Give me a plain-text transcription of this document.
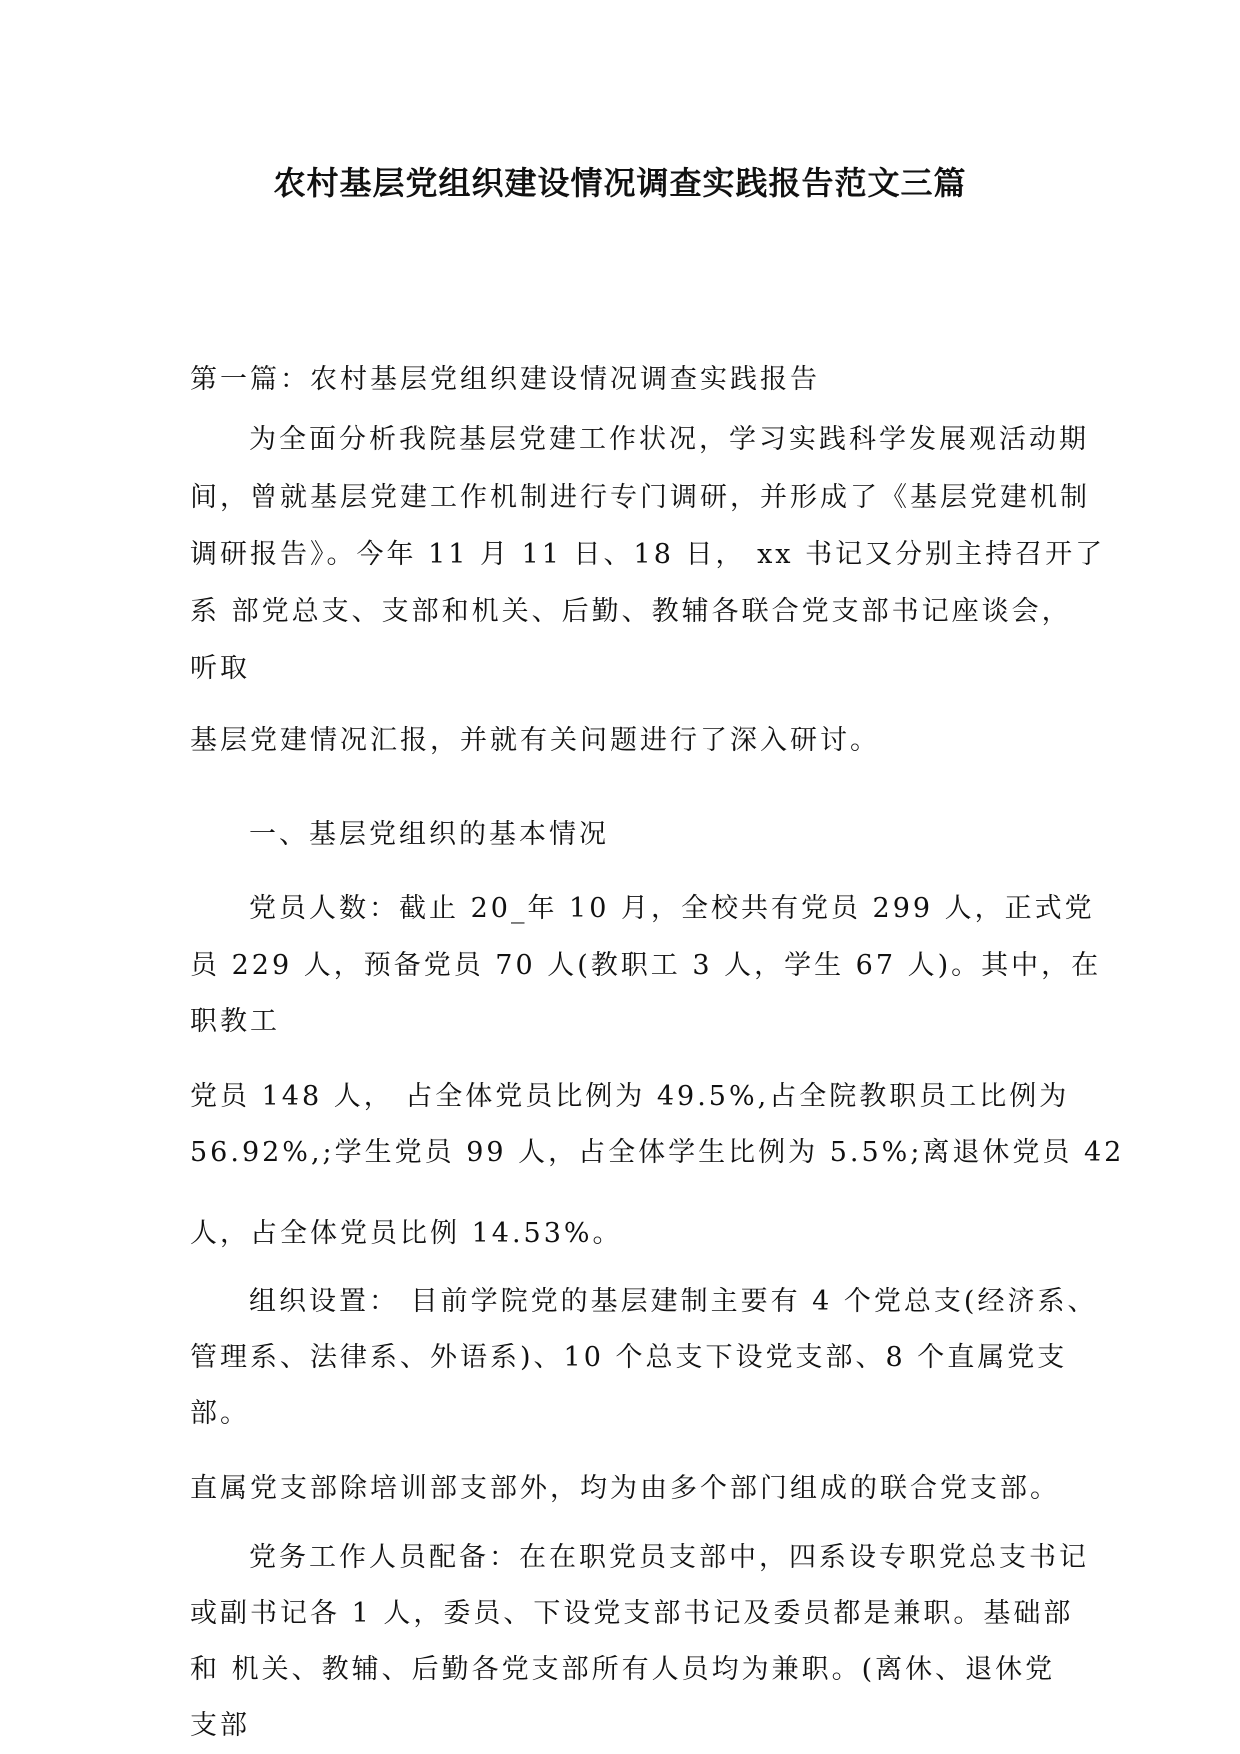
农村基层党组织建设情况调查实践报告范文三篇

第一篇：农村基层党组织建设情况调查实践报告

为全面分析我院基层党建工作状况，学习实践科学发展观活动期

间，曾就基层党建工作机制进行专门调研，并形成了《基层党建机制

调研报告》。今年 11 月 11 日、18 日， xx 书记又分别主持召开了

系 部党总支、支部和机关、后勤、教辅各联合党支部书记座谈会，

听取

基层党建情况汇报，并就有关问题进行了深入研讨。

一、基层党组织的基本情况

党员人数：截止 20_年 10 月，全校共有党员 299 人，正式党

员 229 人，预备党员 70 人(教职工 3 人，学生 67 人)。其中，在

职教工

党员 148 人， 占全体党员比例为 49.5%,占全院教职员工比例为

56.92%,;学生党员 99 人，占全体学生比例为 5.5%;离退休党员 42

人，占全体党员比例 14.53%。

组织设置： 目前学院党的基层建制主要有 4 个党总支(经济系、

管理系、法律系、外语系)、10 个总支下设党支部、8 个直属党支

部。

直属党支部除培训部支部外，均为由多个部门组成的联合党支部。

党务工作人员配备：在在职党员支部中，四系设专职党总支书记

或副书记各 1 人，委员、下设党支部书记及委员都是兼职。基础部

和 机关、教辅、后勤各党支部所有人员均为兼职。(离休、退休党

支部
